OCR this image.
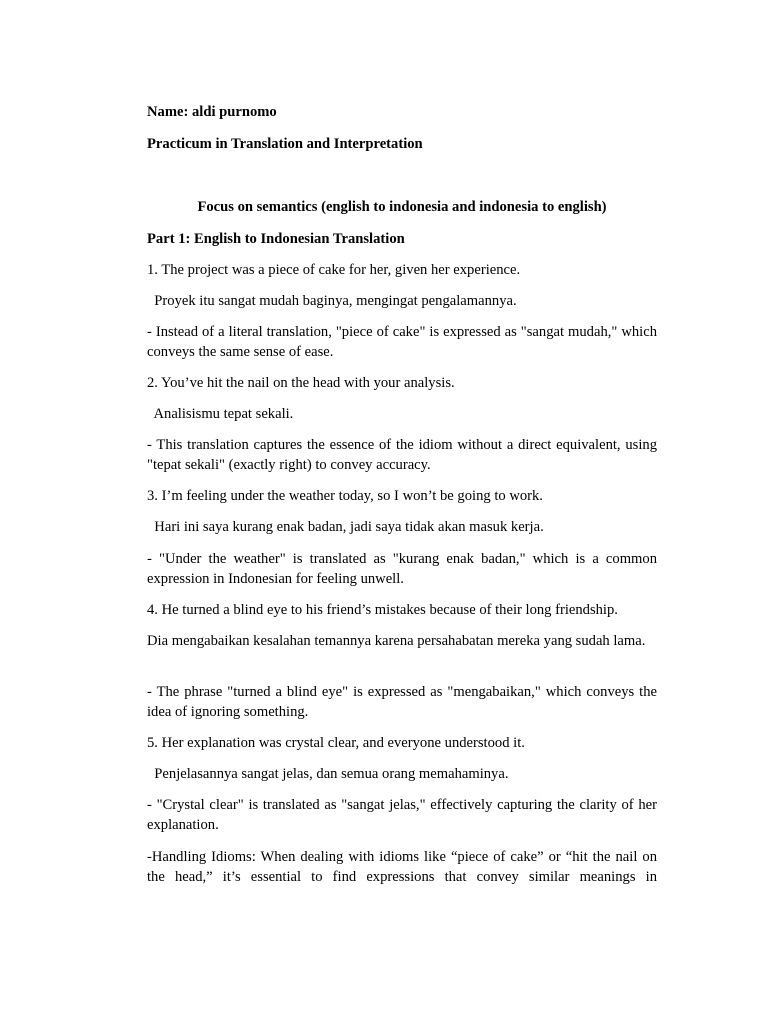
Name: aldi purnomo
Practicum in Translation and Interpretation
Focus on semantics (english to indonesia and indonesia to english)
Part 1: English to Indonesian Translation
1. The project was a piece of cake for her, given her experience.
Proyek itu sangat mudah baginya, mengingat pengalamannya.
- Instead of a literal translation, "piece of cake" is expressed as "sangat mudah," which conveys the same sense of ease.
2. You’ve hit the nail on the head with your analysis.
Analisismu tepat sekali.
- This translation captures the essence of the idiom without a direct equivalent, using "tepat sekali" (exactly right) to convey accuracy.
3. I’m feeling under the weather today, so I won’t be going to work.
Hari ini saya kurang enak badan, jadi saya tidak akan masuk kerja.
- "Under the weather" is translated as "kurang enak badan," which is a common expression in Indonesian for feeling unwell.
4. He turned a blind eye to his friend’s mistakes because of their long friendship.
Dia mengabaikan kesalahan temannya karena persahabatan mereka yang sudah lama.
- The phrase "turned a blind eye" is expressed as "mengabaikan," which conveys the idea of ignoring something.
5. Her explanation was crystal clear, and everyone understood it.
Penjelasannya sangat jelas, dan semua orang memahaminya.
- "Crystal clear" is translated as "sangat jelas," effectively capturing the clarity of her explanation.
-Handling Idioms: When dealing with idioms like “piece of cake” or “hit the nail on the head,” it’s essential to find expressions that convey similar meanings in
